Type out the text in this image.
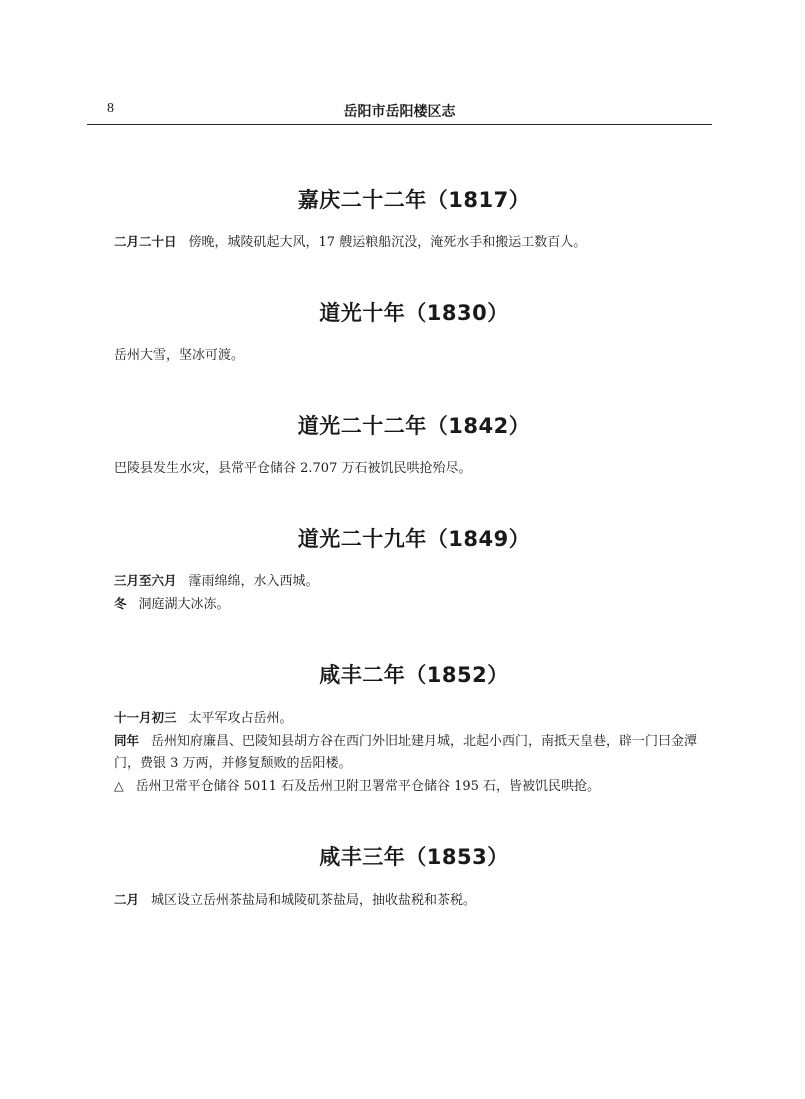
8	岳阳市岳阳楼区志
嘉庆二十二年（1817）

二月二十日 傍晚，城陵矶起大风，17 艘运粮船沉没，淹死水手和搬运工数百人。

道光十年（1830）

岳州大雪，坚冰可渡。

道光二十二年（1842）

巴陵县发生水灾，县常平仓储谷 2.707 万石被饥民哄抢殆尽。

道光二十九年（1849）

三月至六月 霪雨绵绵，水入西城。

冬 洞庭湖大冰冻。

咸丰二年（1852）

十一月初三 太平军攻占岳州。

同年 岳州知府廉昌、巴陵知县胡方谷在西门外旧址建月城，北起小西门，南抵天皇巷，辟一门曰金潭门，费银 3 万两，并修复颓败的岳阳楼。

△ 岳州卫常平仓储谷 5011 石及岳州卫附卫署常平仓储谷 195 石，皆被饥民哄抢。

咸丰三年（1853）

二月 城区设立岳州茶盐局和城陵矶茶盐局，抽收盐税和茶税。
